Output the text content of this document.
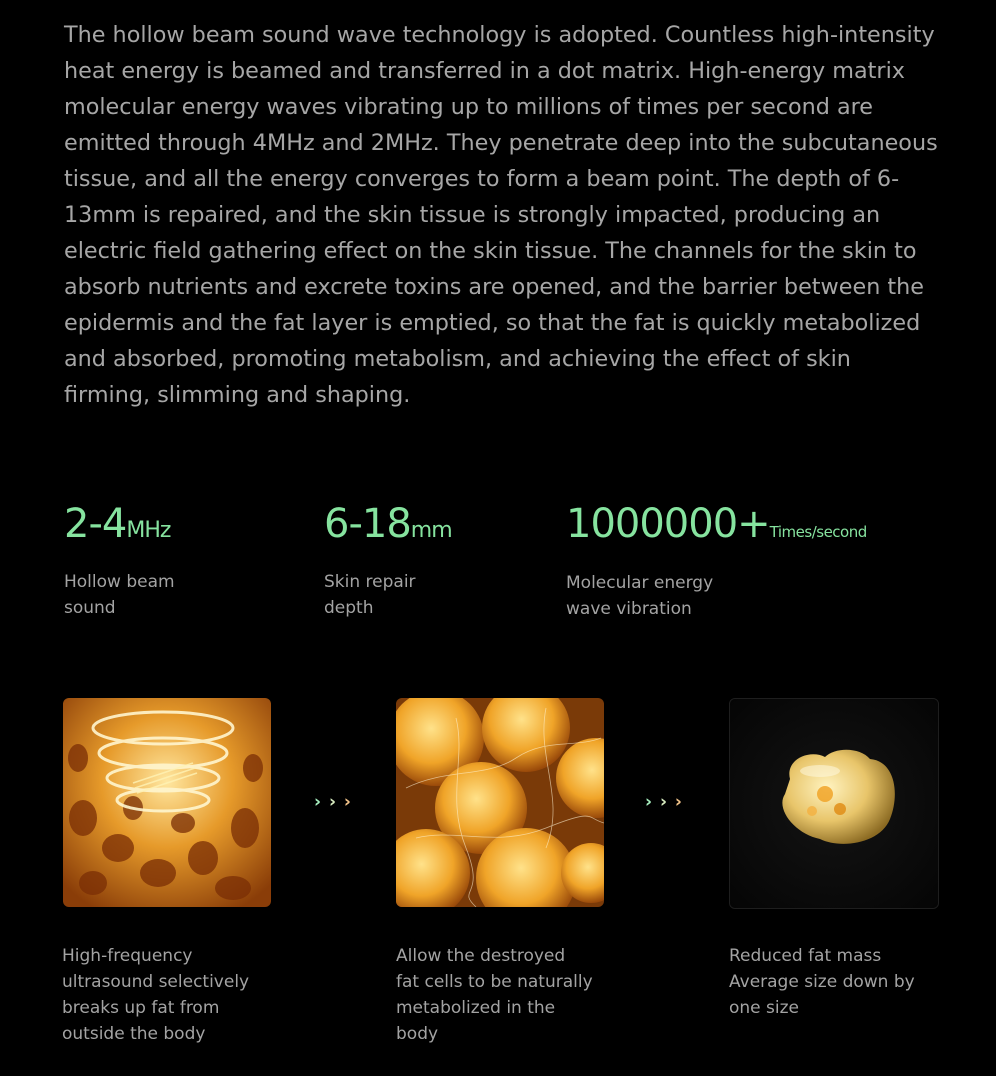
The hollow beam sound wave technology is adopted. Countless high-intensity heat energy is beamed and transferred in a dot matrix. High-energy matrix molecular energy waves vibrating up to millions of times per second are emitted through 4MHz and 2MHz. They penetrate deep into the subcutaneous tissue, and all the energy converges to form a beam point. The depth of 6-13mm is repaired, and the skin tissue is strongly impacted, producing an electric field gathering effect on the skin tissue. The channels for the skin to absorb nutrients and excrete toxins are opened, and the barrier between the epidermis and the fat layer is emptied, so that the fat is quickly metabolized and absorbed, promoting metabolism, and achieving the effect of skin firming, slimming and shaping.

2-4MHz
Hollow beam
sound
6-18mm
Skin repair
depth
1000000+Times/second
Molecular energy
wave vibration
› › ›	› › ›
High-frequency
ultrasound selectively
breaks up fat from
outside the body
Allow the destroyed
fat cells to be naturally
metabolized in the
body
Reduced fat mass
Average size down by
one size
